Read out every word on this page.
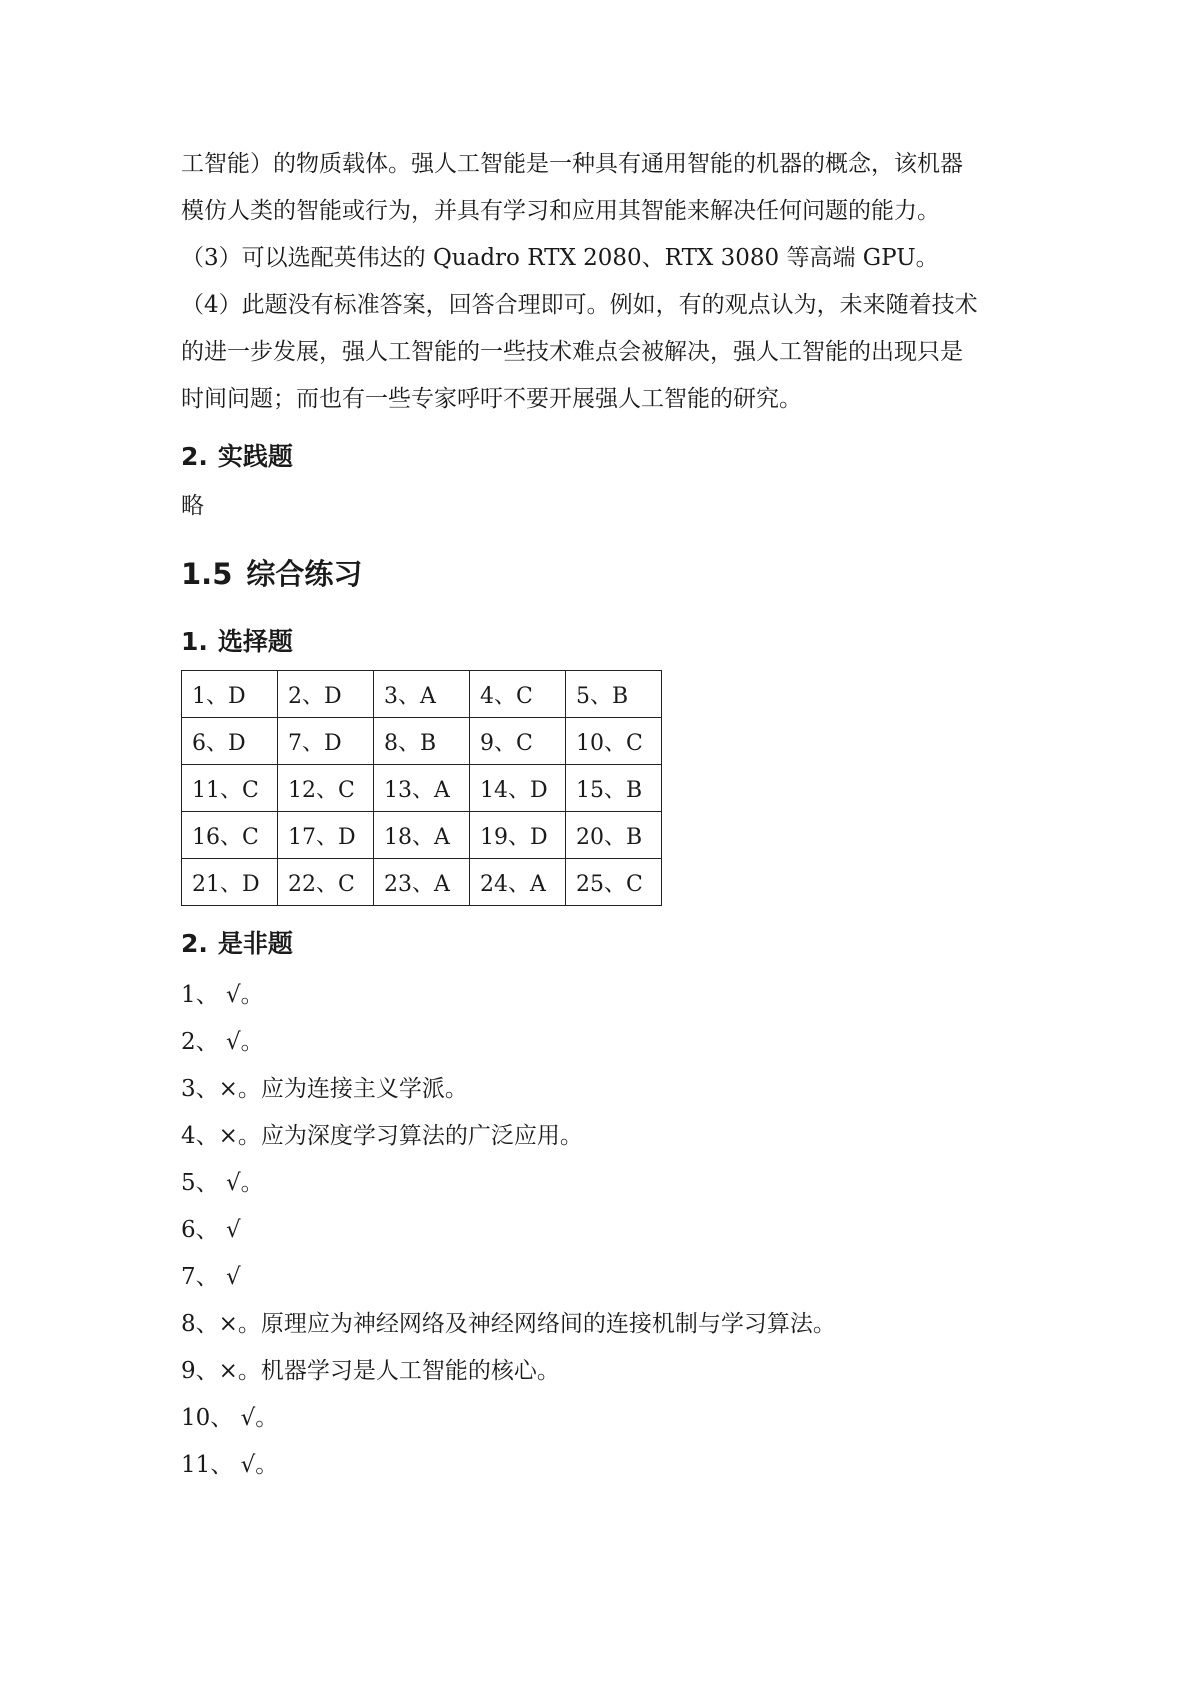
工智能）的物质载体。强人工智能是一种具有通用智能的机器的概念，该机器

模仿人类的智能或行为，并具有学习和应用其智能来解决任何问题的能力。

（3）可以选配英伟达的 Quadro RTX 2080、RTX 3080 等高端 GPU。

（4）此题没有标准答案，回答合理即可。例如，有的观点认为，未来随着技术

的进一步发展，强人工智能的一些技术难点会被解决，强人工智能的出现只是

时间问题；而也有一些专家呼吁不要开展强人工智能的研究。

2. 实践题

略

1.5 综合练习
1. 选择题
1、D	2、D	3、A	4、C	5、B
6、D	7、D	8、B	9、C	10、C
11、C	12、C	13、A	14、D	15、B
16、C	17、D	18、A	19、D	20、B
21、D	22、C	23、A	24、A	25、C
2. 是非题

1、 √。

2、 √。

3、×。应为连接主义学派。

4、×。应为深度学习算法的广泛应用。

5、 √。

6、 √

7、 √

8、×。原理应为神经网络及神经网络间的连接机制与学习算法。

9、×。机器学习是人工智能的核心。

10、 √。

11、 √。
